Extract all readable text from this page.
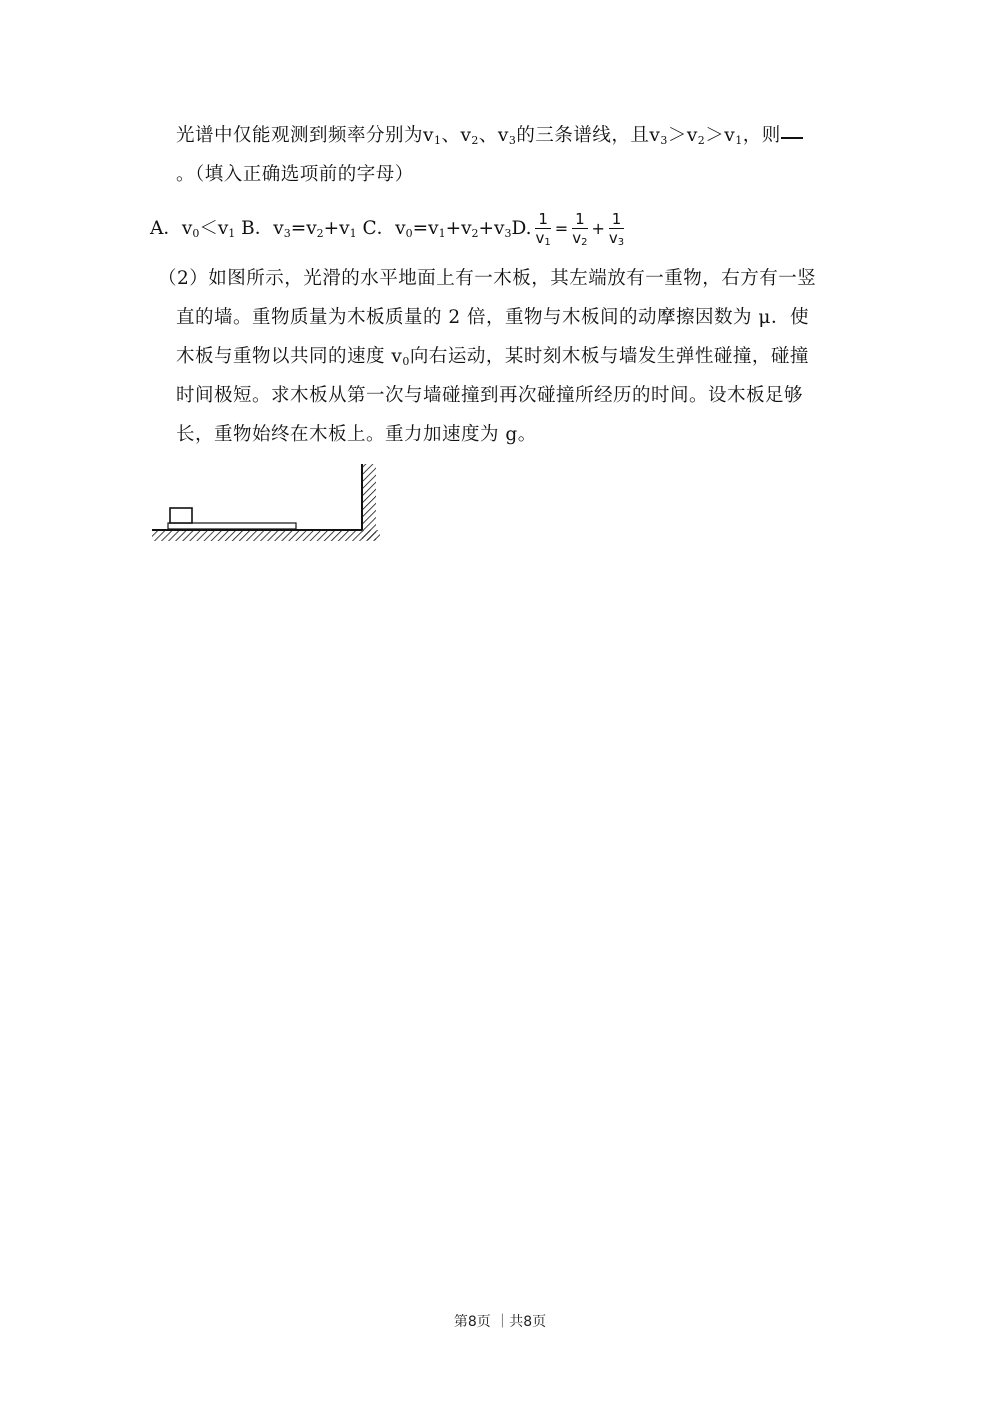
光谱中仅能观测到频率分别为$v_1$、$v_2$、$v_3$的三条谱线，且$v_3>v_2>v_1$，则
。（填入正确选项前的字母）
A．$v_0<v_1$ B．$v_3=v_2+v_1$ C．$v_0=v_1+v_2+v_3D$. $\frac{1}{v_1} = \frac{1}{v_2} + \frac{1}{v_3}$
（2）如图所示，光滑的水平地面上有一木板，其左端放有一重物，右方有一竖
直的墙。重物质量为木板质量的 2 倍，重物与木板间的动摩擦因数为 μ．使
木板与重物以共同的速度 $v_0$向右运动，某时刻木板与墙发生弹性碰撞，碰撞
时间极短。求木板从第一次与墙碰撞到再次碰撞所经历的时间。设木板足够
长，重物始终在木板上。重力加速度为 g。
第8页 ｜共8页
